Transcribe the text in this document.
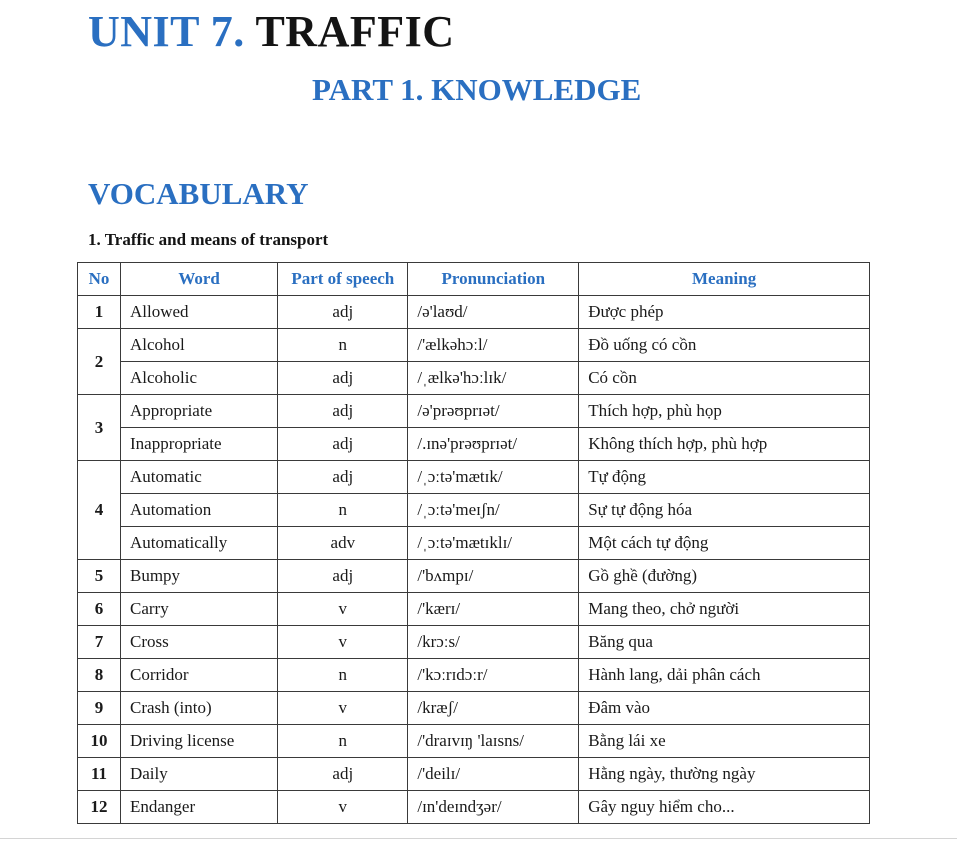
UNIT 7. TRAFFIC
PART 1. KNOWLEDGE
VOCABULARY
1. Traffic and means of transport
No	Word	Part of speech	Pronunciation	Meaning
1	Allowed	adj	/ə'laʊd/	Được phép
2	Alcohol	n	/'ælkəhɔːl/	Đồ uống có cồn
	Alcoholic	adj	/ˌælkə'hɔːlɪk/	Có cồn
3	Appropriate	adj	/ə'prəʊprɪət/	Thích hợp, phù họp
	Inappropriate	adj	/.ɪnə'prəʊprɪət/	Không thích hợp, phù hợp
4	Automatic	adj	/ˌɔːtə'mætɪk/	Tự động
	Automation	n	/ˌɔːtə'meɪʃn/	Sự tự động hóa
	Automatically	adv	/ˌɔːtə'mætɪklɪ/	Một cách tự động
5	Bumpy	adj	/'bʌmpɪ/	Gồ ghề (đường)
6	Carry	v	/'kærɪ/	Mang theo, chở người
7	Cross	v	/krɔːs/	Băng qua
8	Corridor	n	/'kɔːrɪdɔːr/	Hành lang, dải phân cách
9	Crash (into)	v	/kræʃ/	Đâm vào
10	Driving license	n	/'draɪvɪŋ 'laɪsns/	Bằng lái xe
11	Daily	adj	/'deilɪ/	Hằng ngày, thường ngày
12	Endanger	v	/ɪn'deɪndʒər/	Gây nguy hiểm cho...
